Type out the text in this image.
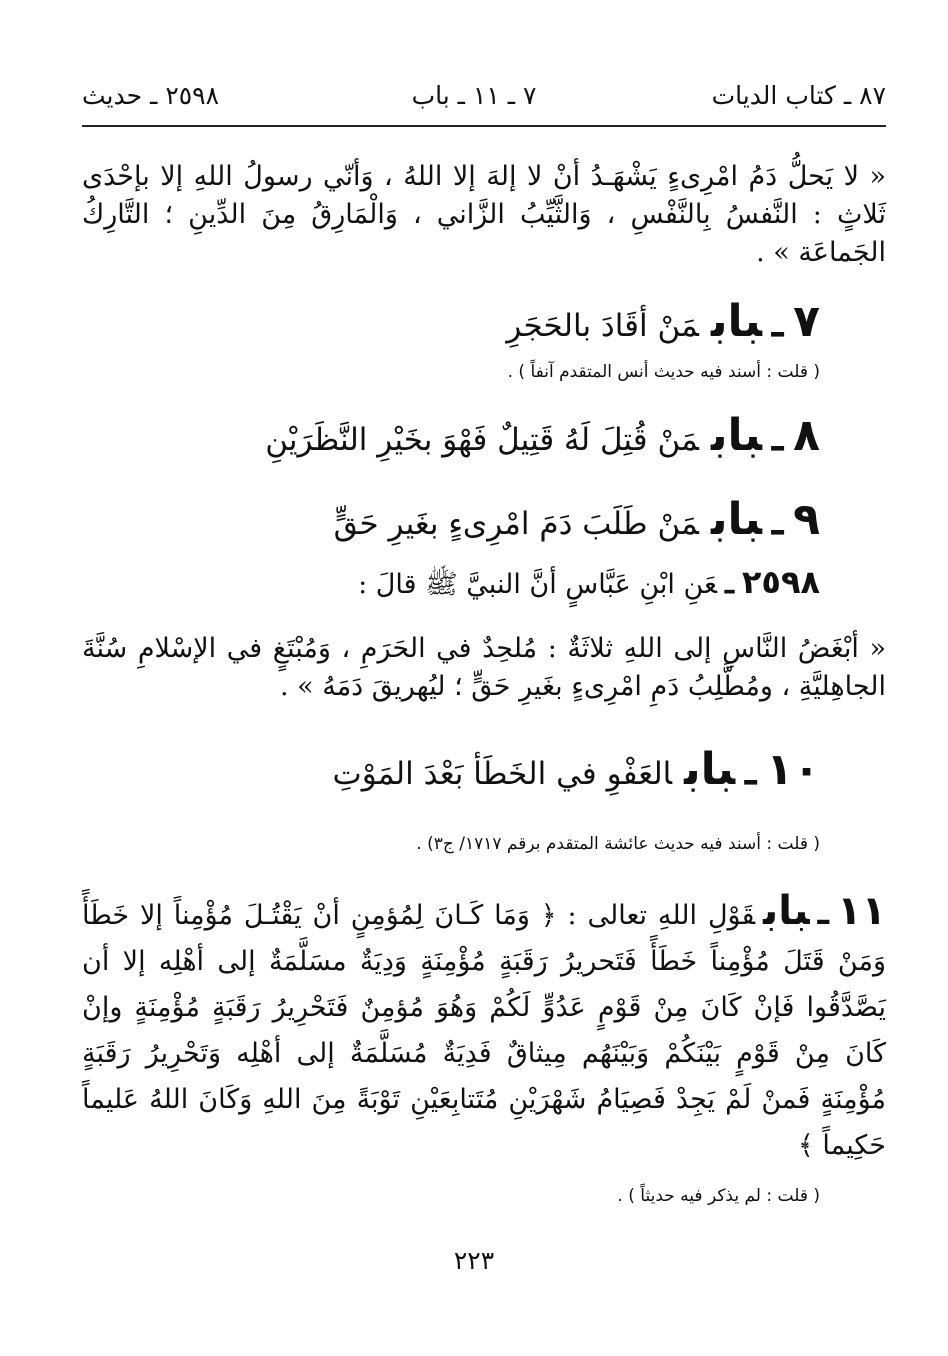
٨٧ ـ كتاب الديات
٧ ـ ١١ ـ باب
٢٥٩٨ ـ حديث
« لا يَحلُّ دَمُ امْرِىءٍ يَشْهَـدُ أنْ لا إلهَ إلا اللهُ ، وَأنّي رسولُ اللهِ إلا بإحْدَى ثَلاثٍ : النَّفسُ بِالنَّفْسِ ، وَالثَّيِّبُ الزَّاني ، وَالْمَارِقُ مِنَ الدِّينِ ؛ التَّارِكُ الجَماعَة » .
٧ـبابمَنْ أقَادَ بالحَجَرِ
( قلت : أسند فيه حديث أنس المتقدم آنفاً ) .
٨ـبابمَنْ قُتِلَ لَهُ قَتِيلٌ فَهْوَ بخَيْرِ النَّظَرَيْنِ
٩ـبابمَنْ طَلَبَ دَمَ امْرِىءٍ بغَيرِ حَقٍّ
٢٥٩٨ـعَنِ ابْنِ عَبَّاسٍ أنَّ النبيَّ ﷺ قالَ :
« أبْغَضُ النَّاسِ إلى اللهِ ثلاثَةٌ : مُلحِدٌ في الحَرَمِ ، وَمُبْتَغٍ في الإسْلامِ سُنَّةَ الجاهِليَّةِ ، ومُطَّلِبُ دَمِ امْرِىءٍ بغَيرِ حَقٍّ ؛ ليُهريقَ دَمَهُ » .
١٠ـبابالعَفْوِ في الخَطَأ بَعْدَ المَوْتِ
( قلت : أسند فيه حديث عائشة المتقدم برقم ١٧١٧/ ج٣) .
١١ـبابقَوْلِ اللهِ تعالى : ﴿ وَمَا كَـانَ لِمُؤمِنٍ أنْ يَقْتُـلَ مُؤْمِناً إلا خَطَأً وَمَنْ قَتَلَ مُؤْمِناً خَطَأً فَتَحريرُ رَقَبَةٍ مُؤْمِنَةٍ وَدِيَةٌ مسَلَّمَةٌ إلى أهْلِه إلا أن يَصَّدَّقُوا فَإنْ كَانَ مِنْ قَوْمٍ عَدُوٍّ لَكُمْ وَهُوَ مُؤمِنٌ فَتَحْرِيرُ رَقَبَةٍ مُؤْمِنَةٍ وإنْ كَانَ مِنْ قَوْمٍ بَيْنَكُمْ وَبَيْنَهُم مِيثاقٌ فَدِيَةٌ مُسَلَّمَةٌ إلى أهْلِه وَتَحْرِيرُ رَقَبَةٍ مُؤْمِنَةٍ فَمنْ لَمْ يَجِدْ فَصِيَامُ شَهْرَيْنِ مُتَتابِعَيْنِ تَوْبَةً مِنَ اللهِ وَكَانَ اللهُ عَليماً حَكِيماً ﴾
( قلت : لم يذكر فيه حديثاً ) .
٢٢٣
